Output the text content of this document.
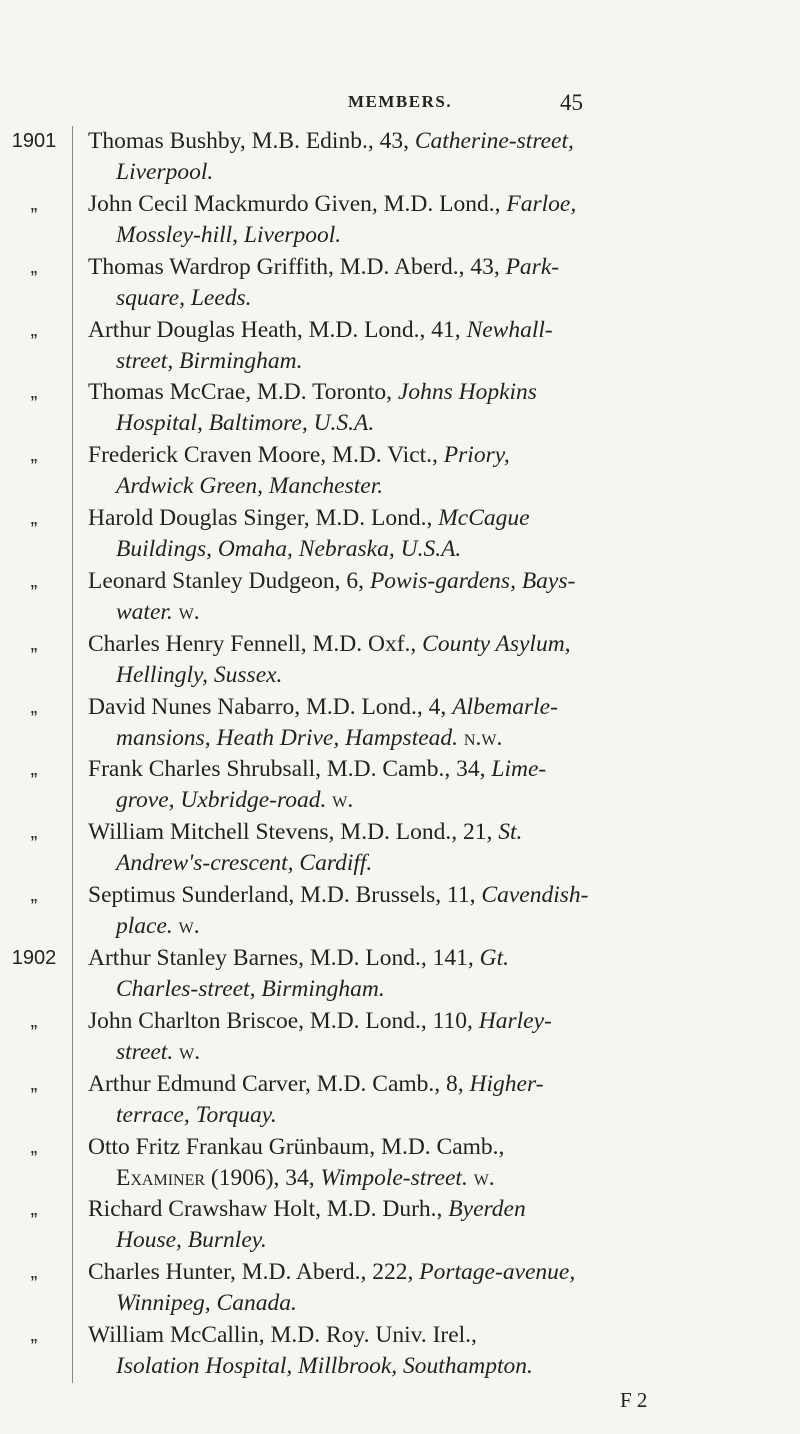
MEMBERS.	45
1901	Thomas Bushby, M.B. Edinb., 43, Catherine-street,
Liverpool.
„	John Cecil Mackmurdo Given, M.D. Lond., Farloe,
Mossley-hill, Liverpool.
„	Thomas Wardrop Griffith, M.D. Aberd., 43, Park-
square, Leeds.
„	Arthur Douglas Heath, M.D. Lond., 41, Newhall-
street, Birmingham.
„	Thomas McCrae, M.D. Toronto, Johns Hopkins
Hospital, Baltimore, U.S.A.
„	Frederick Craven Moore, M.D. Vict., Priory,
Ardwick Green, Manchester.
„	Harold Douglas Singer, M.D. Lond., McCague
Buildings, Omaha, Nebraska, U.S.A.
„	Leonard Stanley Dudgeon, 6, Powis-gardens, Bays-
water. w.
„	Charles Henry Fennell, M.D. Oxf., County Asylum,
Hellingly, Sussex.
„	David Nunes Nabarro, M.D. Lond., 4, Albemarle-
mansions, Heath Drive, Hampstead. n.w.
„	Frank Charles Shrubsall, M.D. Camb., 34, Lime-
grove, Uxbridge-road. w.
„	William Mitchell Stevens, M.D. Lond., 21, St.
Andrew's-crescent, Cardiff.
„	Septimus Sunderland, M.D. Brussels, 11, Cavendish-
place. w.
1902	Arthur Stanley Barnes, M.D. Lond., 141, Gt.
Charles-street, Birmingham.
„	John Charlton Briscoe, M.D. Lond., 110, Harley-
street. w.
„	Arthur Edmund Carver, M.D. Camb., 8, Higher-
terrace, Torquay.
„	Otto Fritz Frankau Grünbaum, M.D. Camb.,
Examiner (1906), 34, Wimpole-street. w.
„	Richard Crawshaw Holt, M.D. Durh., Byerden
House, Burnley.
„	Charles Hunter, M.D. Aberd., 222, Portage-avenue,
Winnipeg, Canada.
„	William McCallin, M.D. Roy. Univ. Irel.,
Isolation Hospital, Millbrook, Southampton.
F 2
